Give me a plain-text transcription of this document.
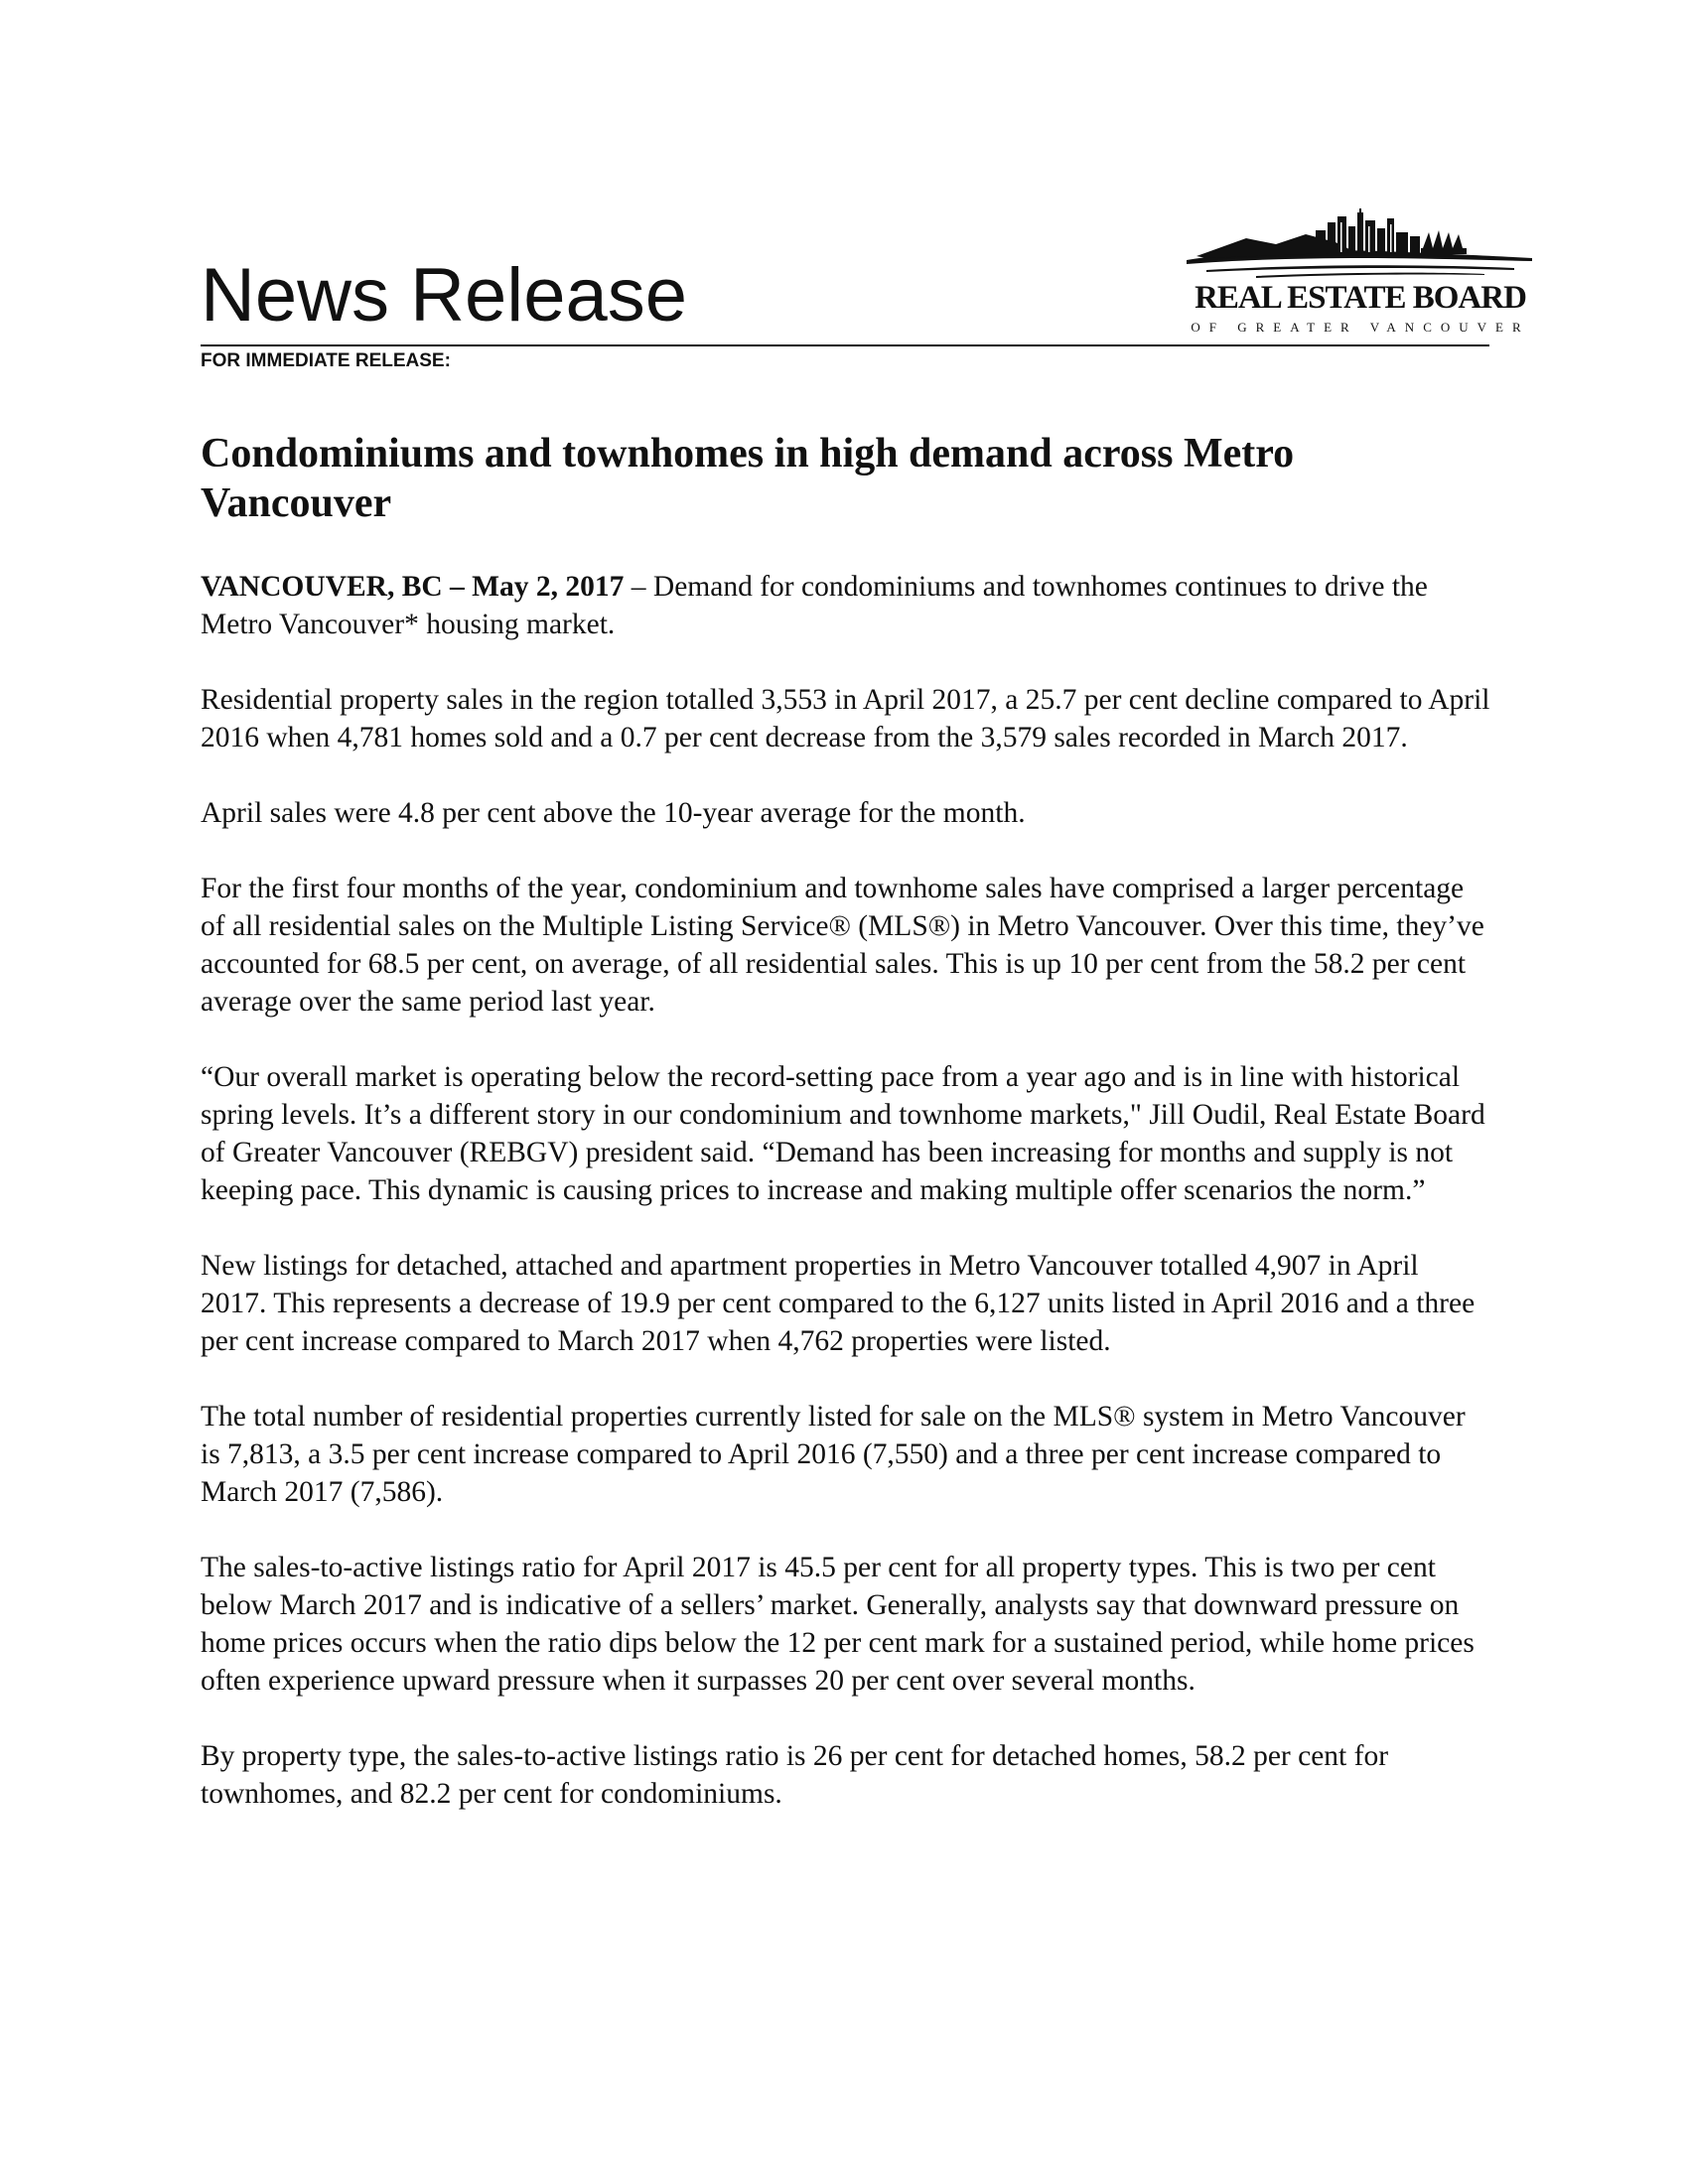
News Release
FOR IMMEDIATE RELEASE:
REAL ESTATE BOARD
OF GREATER VANCOUVER
Condominiums and townhomes in high demand across Metro Vancouver

VANCOUVER, BC – May 2, 2017 – Demand for condominiums and townhomes continues to drive the Metro Vancouver* housing market.

Residential property sales in the region totalled 3,553 in April 2017, a 25.7 per cent decline compared to April 2016 when 4,781 homes sold and a 0.7 per cent decrease from the 3,579 sales recorded in March 2017.

April sales were 4.8 per cent above the 10-year average for the month.

For the first four months of the year, condominium and townhome sales have comprised a larger percentage of all residential sales on the Multiple Listing Service® (MLS®) in Metro Vancouver. Over this time, they’ve accounted for 68.5 per cent, on average, of all residential sales. This is up 10 per cent from the 58.2 per cent average over the same period last year.

“Our overall market is operating below the record-setting pace from a year ago and is in line with historical spring levels. It’s a different story in our condominium and townhome markets," Jill Oudil, Real Estate Board of Greater Vancouver (REBGV) president said. “Demand has been increasing for months and supply is not keeping pace. This dynamic is causing prices to increase and making multiple offer scenarios the norm.”

New listings for detached, attached and apartment properties in Metro Vancouver totalled 4,907 in April 2017. This represents a decrease of 19.9 per cent compared to the 6,127 units listed in April 2016 and a three per cent increase compared to March 2017 when 4,762 properties were listed.

The total number of residential properties currently listed for sale on the MLS® system in Metro Vancouver is 7,813, a 3.5 per cent increase compared to April 2016 (7,550) and a three per cent increase compared to March 2017 (7,586).

The sales-to-active listings ratio for April 2017 is 45.5 per cent for all property types. This is two per cent below March 2017 and is indicative of a sellers’ market. Generally, analysts say that downward pressure on home prices occurs when the ratio dips below the 12 per cent mark for a sustained period, while home prices often experience upward pressure when it surpasses 20 per cent over several months.

By property type, the sales-to-active listings ratio is 26 per cent for detached homes, 58.2 per cent for townhomes, and 82.2 per cent for condominiums.
